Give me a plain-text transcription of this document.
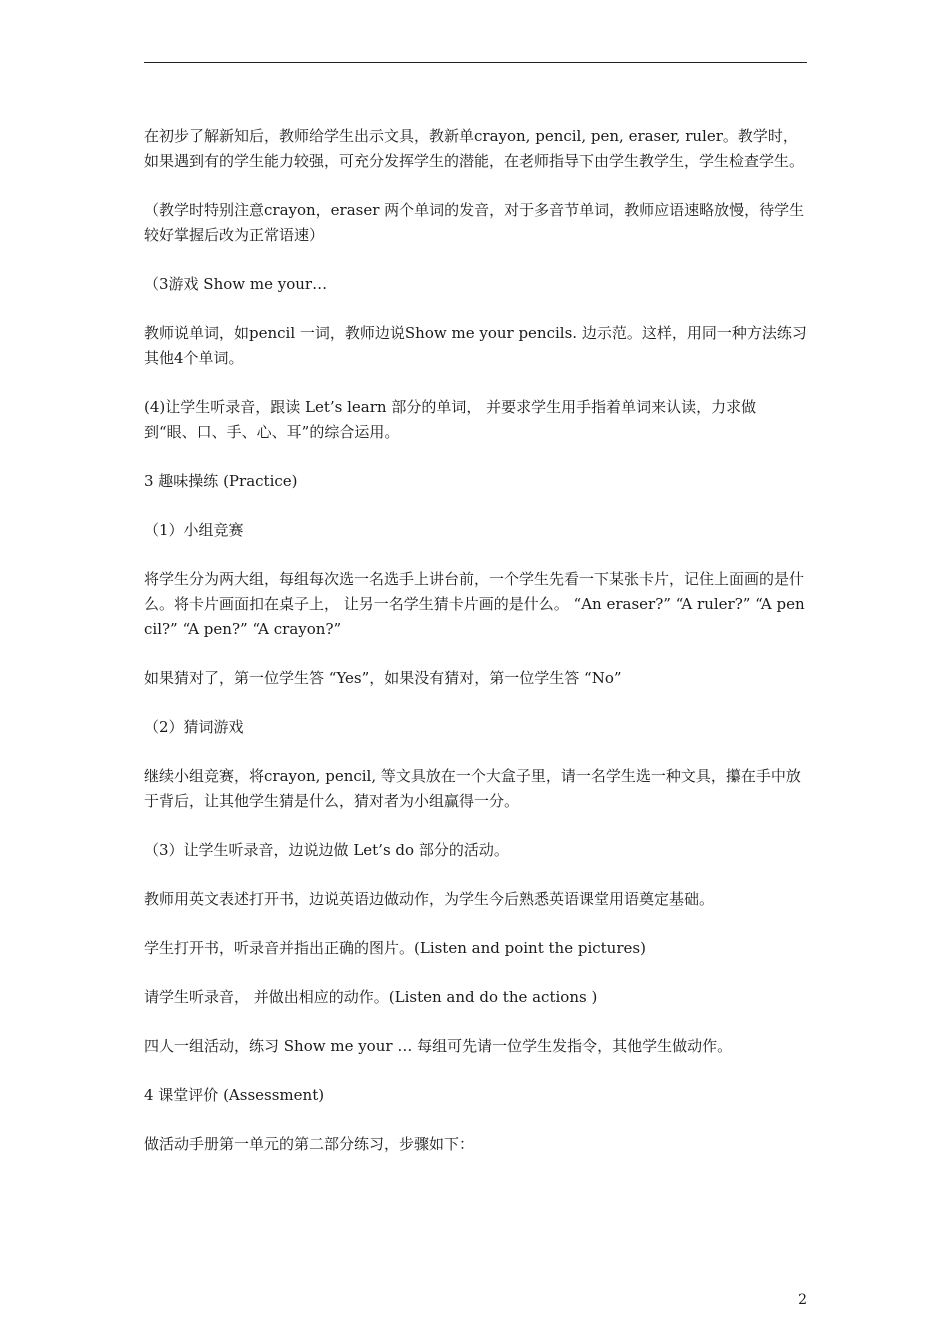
在初步了解新知后，教师给学生出示文具，教新单crayon, pencil, pen, eraser, ruler。教学时，如果遇到有的学生能力较强，可充分发挥学生的潜能，在老师指导下由学生教学生，学生检查学生。

（教学时特别注意crayon，eraser 两个单词的发音，对于多音节单词，教师应语速略放慢，待学生较好掌握后改为正常语速）

（3游戏 Show me your…

教师说单词，如pencil 一词，教师边说Show me your pencils. 边示范。这样，用同一种方法练习其他4个单词。

(4)让学生听录音，跟读 Let’s learn 部分的单词， 并要求学生用手指着单词来认读，力求做到“眼、口、手、心、耳”的综合运用。

3 趣味操练 (Practice)

（1）小组竞赛

将学生分为两大组，每组每次选一名选手上讲台前，一个学生先看一下某张卡片，记住上面画的是什么。将卡片画面扣在桌子上， 让另一名学生猜卡片画的是什么。 “An eraser?” “A ruler?” “A pencil?” “A pen?” “A crayon?”

如果猜对了，第一位学生答 “Yes”，如果没有猜对，第一位学生答 “No”

（2）猜词游戏

继续小组竞赛，将crayon, pencil, 等文具放在一个大盒子里，请一名学生选一种文具，攥在手中放于背后，让其他学生猜是什么，猜对者为小组赢得一分。

（3）让学生听录音，边说边做 Let’s do 部分的活动。

教师用英文表述打开书，边说英语边做动作，为学生今后熟悉英语课堂用语奠定基础。

学生打开书，听录音并指出正确的图片。(Listen and point the pictures)

请学生听录音， 并做出相应的动作。(Listen and do the actions )

四人一组活动，练习 Show me your … 每组可先请一位学生发指令，其他学生做动作。

4 课堂评价 (Assessment)

做活动手册第一单元的第二部分练习，步骤如下：

2
